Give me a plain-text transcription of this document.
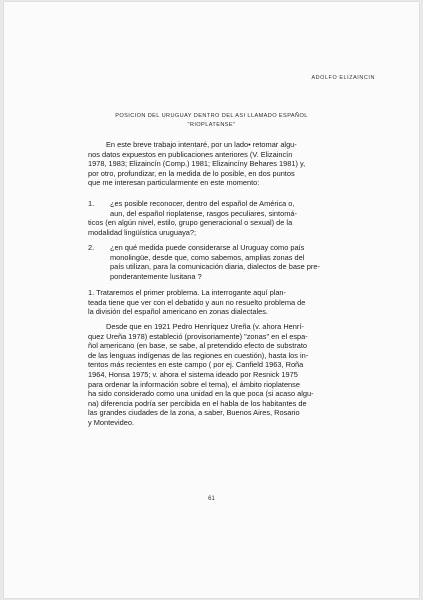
ADOLFO ELIZAINCIN
POSICION DEL URUGUAY DENTRO DEL ASI LLAMADO ESPAÑOL
"RIOPLATENSE"
En este breve trabajo intentaré, por un lado• retomar algu-
nos datos expuestos en publicaciones anteriores (V. Elizaincín
1978, 1983; Elizaincín (Comp.) 1981; Elizaincíny Behares 1981) y,
por otro, profundizar, en la medida de lo posible, en dos puntos
que me interesan particularmente en este momento:
1. ¿es posible reconocer, dentro del español de América o,
aun, del español rioplatense, rasgos peculiares, sintomá-
ticos (en algún nivel, estilo, grupo generacional o sexual) de la
modalidad lingüística uruguaya?;
2. ¿en qué medida puede considerarse al Uruguay como país
monolingüe, desde que, como sabemos, amplias zonas del
país utilizan, para la comunicación diaria, dialectos de base pre-
ponderantemente lusitana ?
1. Trataremos el primer problema. La interrogante aquí plan-
teada tiene que ver con el debatido y aun no resuelto problema de
la división del español americano en zonas dialectales.
Desde que en 1921 Pedro Henríquez Ureña (v. ahora Henrí-
quez Ureña 1978) estableció (provisoriamente) "zonas" en el espa-
ñol americano (en base, se sabe, al pretendido efecto de substrato
de las lenguas indígenas de las regiones en cuestión), hasta los in-
tentos más recientes en este campo ( por ej. Canfield 1963, Roña
1964, Honsa 1975; v. ahora el sistema ideado por Resnick 1975
para ordenar la información sobre el tema), el ámbito rioplatense
ha sido considerado como una unidad en la que poca (si acaso algu-
na) diferencia podría ser percibida en el habla de los habitantes de
las grandes ciudades de la zona, a saber, Buenos Aires, Rosario
y Montevideo.
61
